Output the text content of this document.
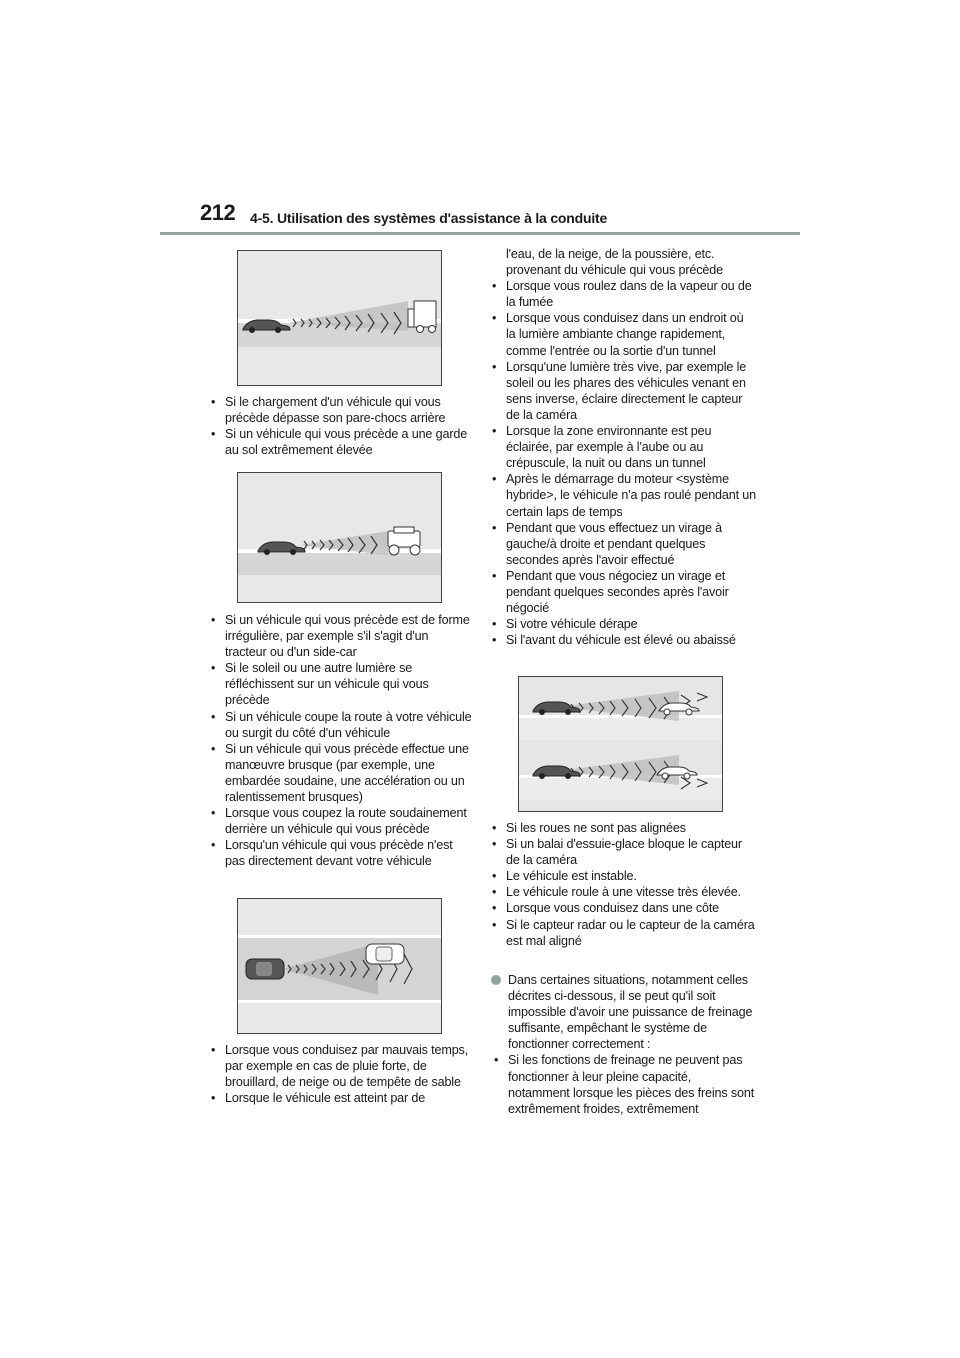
212 4-5. Utilisation des systèmes d'assistance à la conduite
• Si le chargement d'un véhicule qui vous précède dépasse son pare-chocs arrière
• Si un véhicule qui vous précède a une garde au sol extrêmement élevée
• Si un véhicule qui vous précède est de forme irrégulière, par exemple s'il s'agit d'un tracteur ou d'un side-car
• Si le soleil ou une autre lumière se réfléchissent sur un véhicule qui vous précède
• Si un véhicule coupe la route à votre véhicule ou surgit du côté d'un véhicule
• Si un véhicule qui vous précède effectue une manœuvre brusque (par exemple, une embardée soudaine, une accélération ou un ralentissement brusques)
• Lorsque vous coupez la route soudainement derrière un véhicule qui vous précède
• Lorsqu'un véhicule qui vous précède n'est pas directement devant votre véhicule
• Lorsque vous conduisez par mauvais temps, par exemple en cas de pluie forte, de brouillard, de neige ou de tempête de sable
• Lorsque le véhicule est atteint par de
l'eau, de la neige, de la poussière, etc. provenant du véhicule qui vous précède
• Lorsque vous roulez dans de la vapeur ou de la fumée
• Lorsque vous conduisez dans un endroit où la lumière ambiante change rapidement, comme l'entrée ou la sortie d'un tunnel
• Lorsqu'une lumière très vive, par exemple le soleil ou les phares des véhicules venant en sens inverse, éclaire directement le capteur de la caméra
• Lorsque la zone environnante est peu éclairée, par exemple à l'aube ou au crépuscule, la nuit ou dans un tunnel
• Après le démarrage du moteur <système hybride>, le véhicule n'a pas roulé pendant un certain laps de temps
• Pendant que vous effectuez un virage à gauche/à droite et pendant quelques secondes après l'avoir effectué
• Pendant que vous négociez un virage et pendant quelques secondes après l'avoir négocié
• Si votre véhicule dérape
• Si l'avant du véhicule est élevé ou abaissé
• Si les roues ne sont pas alignées
• Si un balai d'essuie-glace bloque le capteur de la caméra
• Le véhicule est instable.
• Le véhicule roule à une vitesse très élevée.
• Lorsque vous conduisez dans une côte
• Si le capteur radar ou le capteur de la caméra est mal aligné
Dans certaines situations, notamment celles décrites ci-dessous, il se peut qu'il soit impossible d'avoir une puissance de freinage suffisante, empêchant le système de fonctionner correctement :
• Si les fonctions de freinage ne peuvent pas fonctionner à leur pleine capacité, notamment lorsque les pièces des freins sont extrêmement froides, extrêmement
